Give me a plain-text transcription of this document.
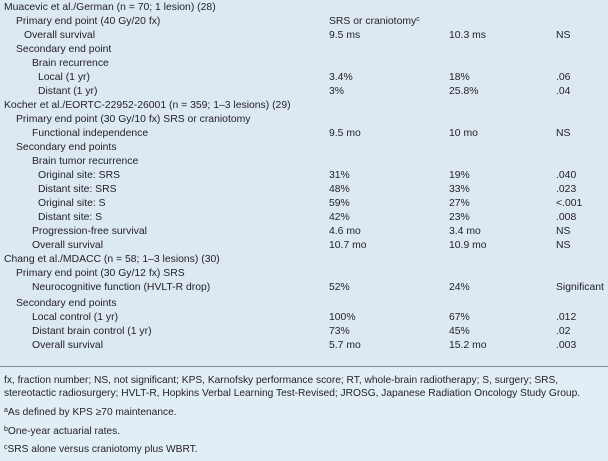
Muacevic et al./German (n = 70; 1 lesion) (28)
Primary end point (40 Gy/20 fx)	SRS or craniotomy$^c$
Overall survival	9.5 ms	10.3 ms	NS
Secondary end point
Brain recurrence
Local (1 yr)	3.4%	18%	.06
Distant (1 yr)	3%	25.8%	.04
Kocher et al./EORTC-22952-26001 (n = 359; 1–3 lesions) (29)
Primary end point (30 Gy/10 fx) SRS or craniotomy
Functional independence	9.5 mo	10 mo	NS
Secondary end points
Brain tumor recurrence
Original site: SRS	31%	19%	.040
Distant site: SRS	48%	33%	.023
Original site: S	59%	27%	<.001
Distant site: S	42%	23%	.008
Progression-free survival	4.6 mo	3.4 mo	NS
Overall survival	10.7 mo	10.9 mo	NS
Chang et al./MDACC (n = 58; 1–3 lesions) (30)
Primary end point (30 Gy/12 fx) SRS
Neurocognitive function (HVLT-R drop)	52%	24%	Significant
Secondary end points
Local control (1 yr)	100%	67%	.012
Distant brain control (1 yr)	73%	45%	.02
Overall survival	5.7 mo	15.2 mo	.003

fx, fraction number; NS, not significant; KPS, Karnofsky performance score; RT, whole-brain radiotherapy; S, surgery; SRS, stereotactic radiosurgery; HVLT-R, Hopkins Verbal Learning Test-Revised; JROSG, Japanese Radiation Oncology Study Group.

$^a$As defined by KPS ≥70 maintenance.

$^b$One-year actuarial rates.

$^c$SRS alone versus craniotomy plus WBRT.
